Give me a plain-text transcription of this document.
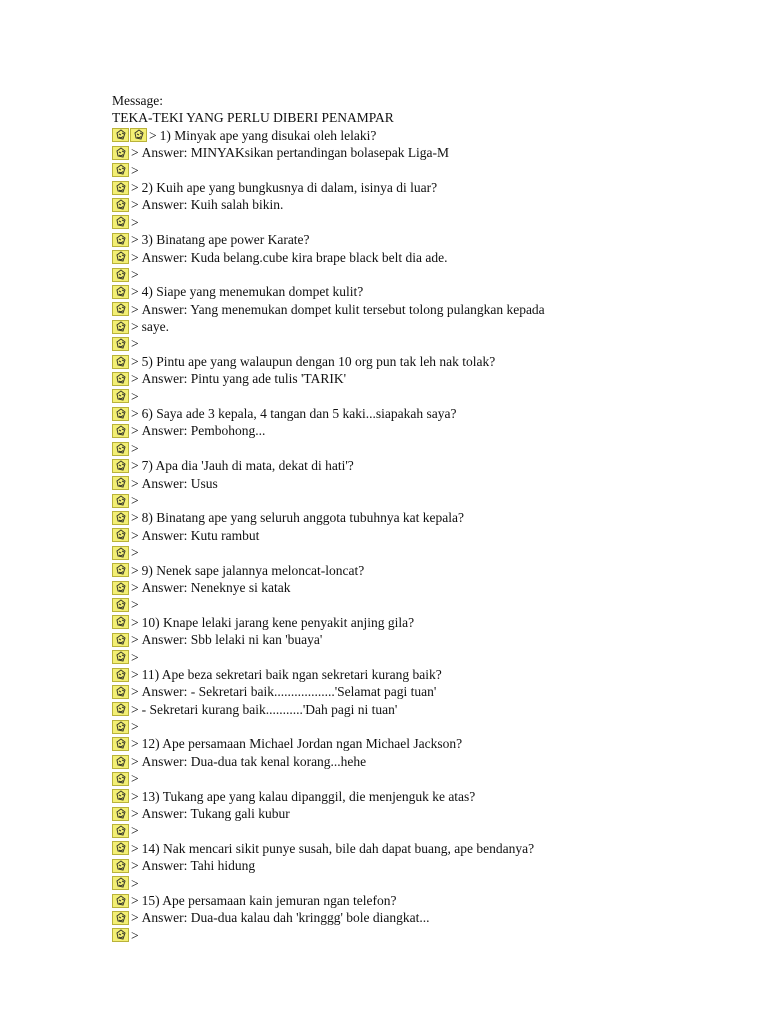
Message:
TEKA-TEKI YANG PERLU DIBERI PENAMPAR
> 1) Minyak ape yang disukai oleh lelaki?
> Answer: MINYAKsikan pertandingan bolasepak Liga-M
>
> 2) Kuih ape yang bungkusnya di dalam, isinya di luar?
> Answer: Kuih salah bikin.
>
> 3) Binatang ape power Karate?
> Answer: Kuda belang.cube kira brape black belt dia ade.
>
> 4) Siape yang menemukan dompet kulit?
> Answer: Yang menemukan dompet kulit tersebut tolong pulangkan kepada
> saye.
>
> 5) Pintu ape yang walaupun dengan 10 org pun tak leh nak tolak?
> Answer: Pintu yang ade tulis 'TARIK'
>
> 6) Saya ade 3 kepala, 4 tangan dan 5 kaki...siapakah saya?
> Answer: Pembohong...
>
> 7) Apa dia 'Jauh di mata, dekat di hati'?
> Answer: Usus
>
> 8) Binatang ape yang seluruh anggota tubuhnya kat kepala?
> Answer: Kutu rambut
>
> 9) Nenek sape jalannya meloncat-loncat?
> Answer: Neneknye si katak
>
> 10) Knape lelaki jarang kene penyakit anjing gila?
> Answer: Sbb lelaki ni kan 'buaya'
>
> 11) Ape beza sekretari baik ngan sekretari kurang baik?
> Answer: - Sekretari baik..................'Selamat pagi tuan'
> - Sekretari kurang baik...........'Dah pagi ni tuan'
>
> 12) Ape persamaan Michael Jordan ngan Michael Jackson?
> Answer: Dua-dua tak kenal korang...hehe
>
> 13) Tukang ape yang kalau dipanggil, die menjenguk ke atas?
> Answer: Tukang gali kubur
>
> 14) Nak mencari sikit punye susah, bile dah dapat buang, ape bendanya?
> Answer: Tahi hidung
>
> 15) Ape persamaan kain jemuran ngan telefon?
> Answer: Dua-dua kalau dah 'kringgg' bole diangkat...
>
